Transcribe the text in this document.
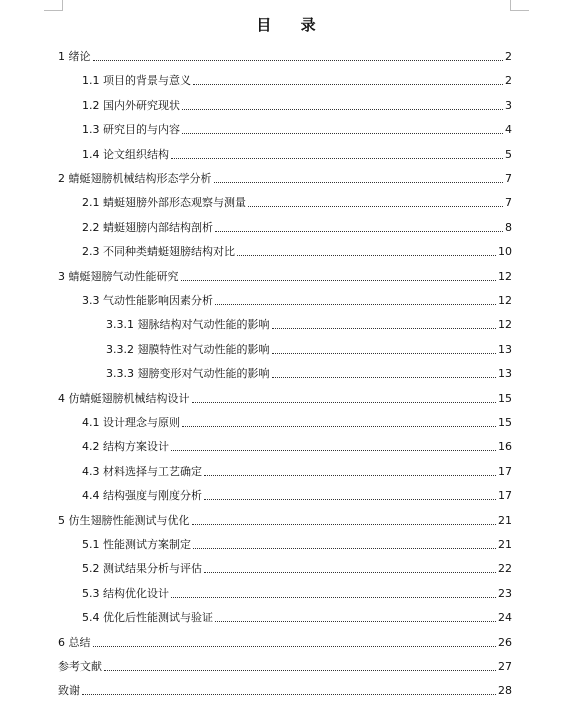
目 录
1 绪论	2
1.1 项目的背景与意义	2
1.2 国内外研究现状	3
1.3 研究目的与内容	4
1.4 论文组织结构	5
2 蜻蜓翅膀机械结构形态学分析	7
2.1 蜻蜓翅膀外部形态观察与测量	7
2.2 蜻蜓翅膀内部结构剖析	8
2.3 不同种类蜻蜓翅膀结构对比	10
3 蜻蜓翅膀气动性能研究	12
3.3 气动性能影响因素分析	12
3.3.1 翅脉结构对气动性能的影响	12
3.3.2 翅膜特性对气动性能的影响	13
3.3.3 翅膀变形对气动性能的影响	13
4 仿蜻蜓翅膀机械结构设计	15
4.1 设计理念与原则	15
4.2 结构方案设计	16
4.3 材料选择与工艺确定	17
4.4 结构强度与刚度分析	17
5 仿生翅膀性能测试与优化	21
5.1 性能测试方案制定	21
5.2 测试结果分析与评估	22
5.3 结构优化设计	23
5.4 优化后性能测试与验证	24
6 总结	26
参考文献	27
致谢	28
